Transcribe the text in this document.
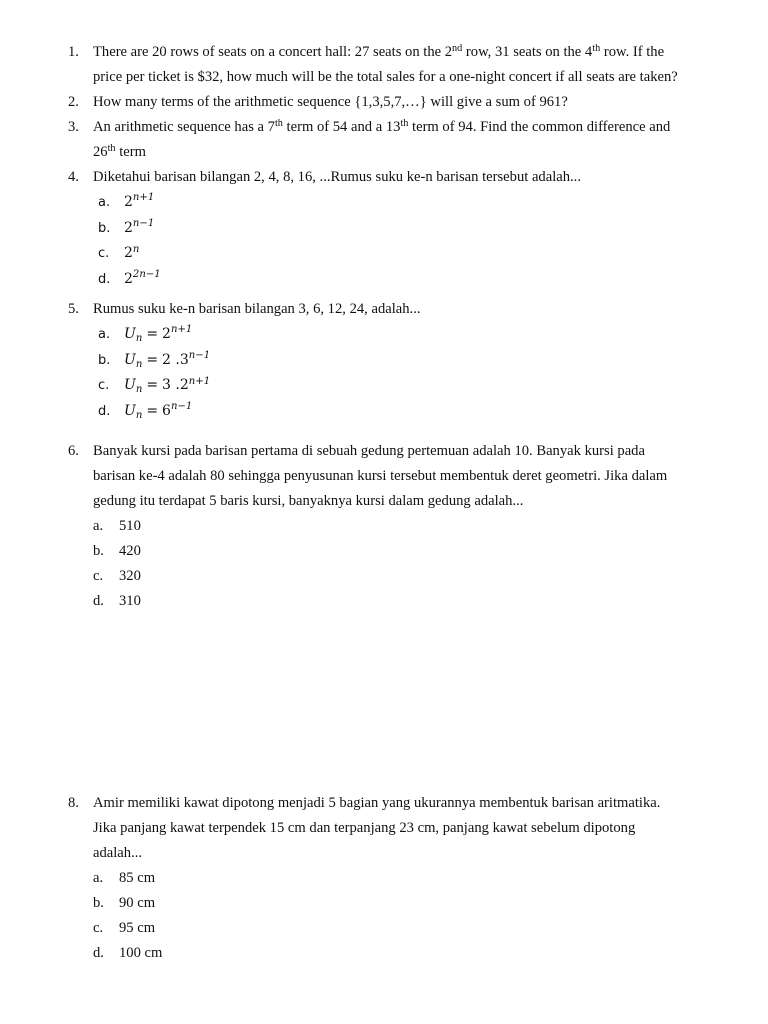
1. There are 20 rows of seats on a concert hall: 27 seats on the 2nd row, 31 seats on the 4th row. If the
price per ticket is $32, how much will be the total sales for a one-night concert if all seats are taken?
2. How many terms of the arithmetic sequence {1,3,5,7,…} will give a sum of 961?
3. An arithmetic sequence has a 7th term of 54 and a 13th term of 94. Find the common difference and
26th term
4. Diketahui barisan bilangan 2, 4, 8, 16, ...Rumus suku ke-n barisan tersebut adalah...
a. $2^{n+1}$
b. $2^{n-1}$
c. 2$^n$
d. $2^{2n-1}$
5. Rumus suku ke-n barisan bilangan 3, 6, 12, 24, adalah...
a. $U_n = 2^{n+1}$
b. $U_n = 2$ $.3^{n-1}$
c. $U_n = 3$ $.2^{n+1}$
d. $U_n = 6^{n-1}$
6. Banyak kursi pada barisan pertama di sebuah gedung pertemuan adalah 10. Banyak kursi pada
barisan ke-4 adalah 80 sehingga penyusunan kursi tersebut membentuk deret geometri. Jika dalam
gedung itu terdapat 5 baris kursi, banyaknya kursi dalam gedung adalah...
a. 510
b. 420
c. 320
d. 310
8. Amir memiliki kawat dipotong menjadi 5 bagian yang ukurannya membentuk barisan aritmatika.
Jika panjang kawat terpendek 15 cm dan terpanjang 23 cm, panjang kawat sebelum dipotong
adalah...
a. 85 cm
b. 90 cm
c. 95 cm
d. 100 cm
